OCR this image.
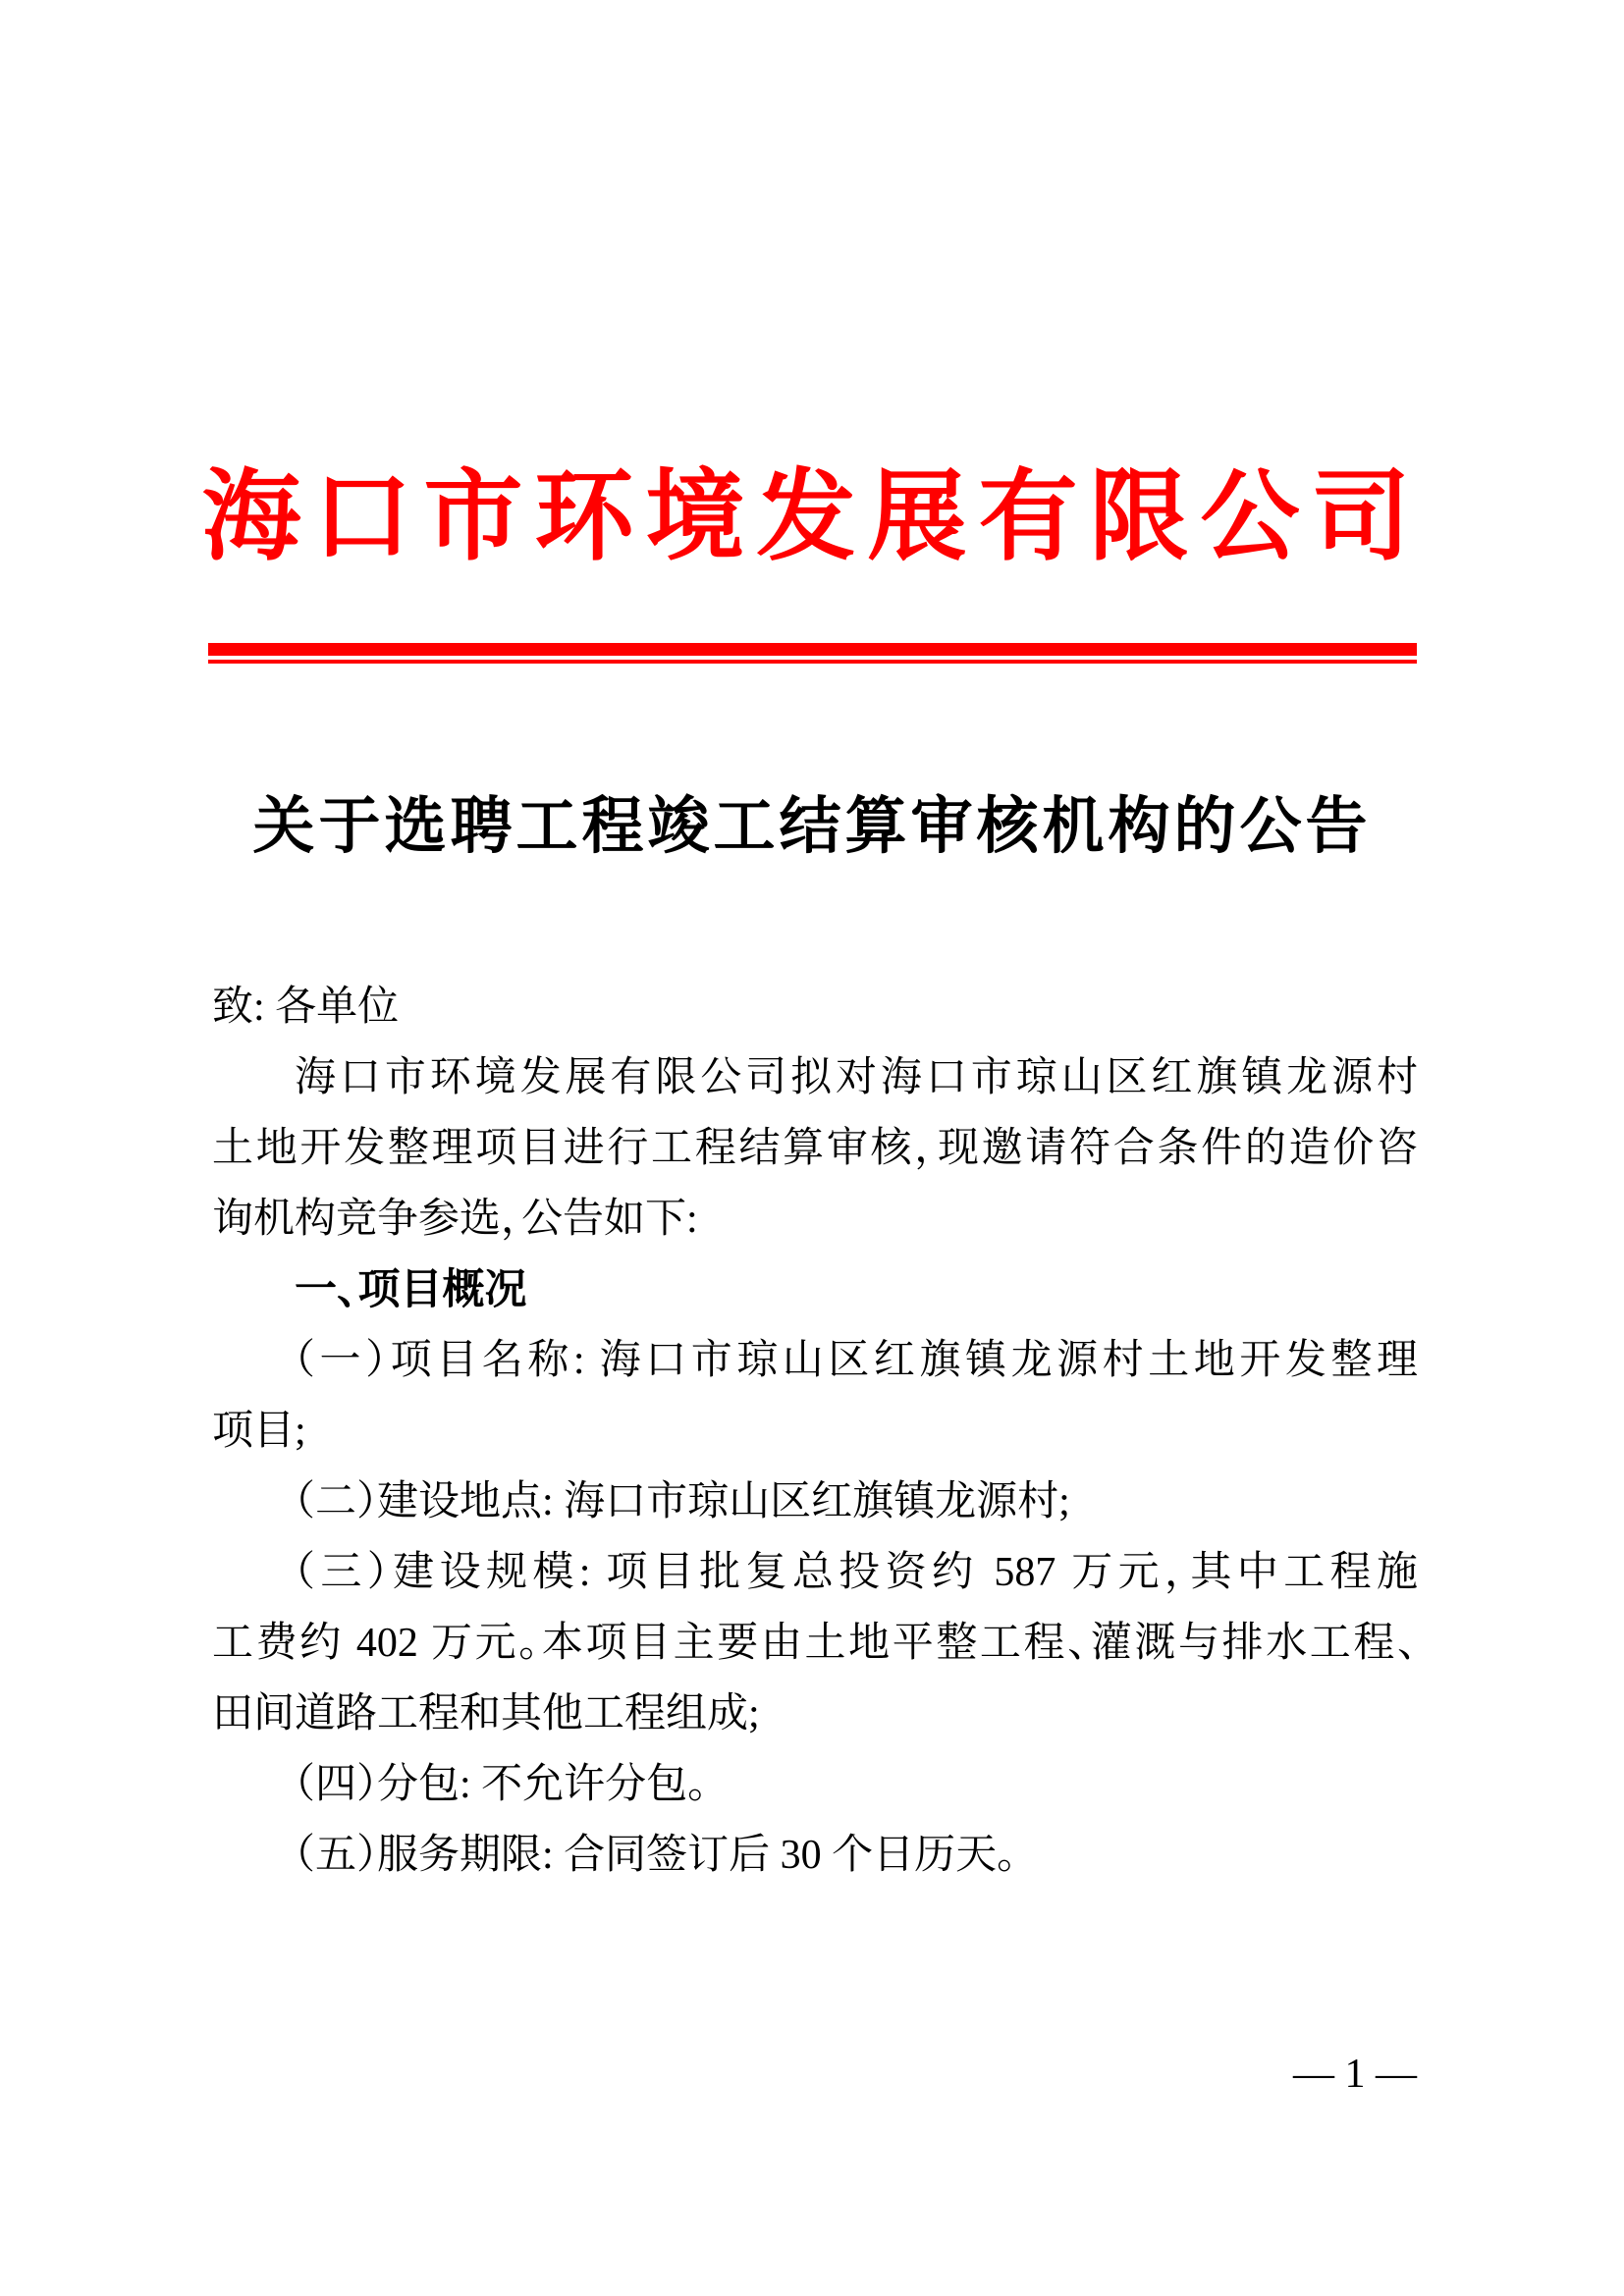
海口市环境发展有限公司
关于选聘工程竣工结算审核机构的公告
致: 各单位
海口市环境发展有限公司拟对海口市琼山区红旗镇龙源村
土地开发整理项目进行工程结算审核，现邀请符合条件的造价咨
询机构竞争参选，公告如下:
一、项目概况
（一）项目名称: 海口市琼山区红旗镇龙源村土地开发整理
项目;
（二）建设地点: 海口市琼山区红旗镇龙源村;
（三）建设规模: 项目批复总投资约 587 万元，其中工程施
工费约 402 万元。本项目主要由土地平整工程、灌溉与排水工程、
田间道路工程和其他工程组成;
（四）分包: 不允许分包。
（五）服务期限: 合同签订后 30 个日历天。
— 1 —
